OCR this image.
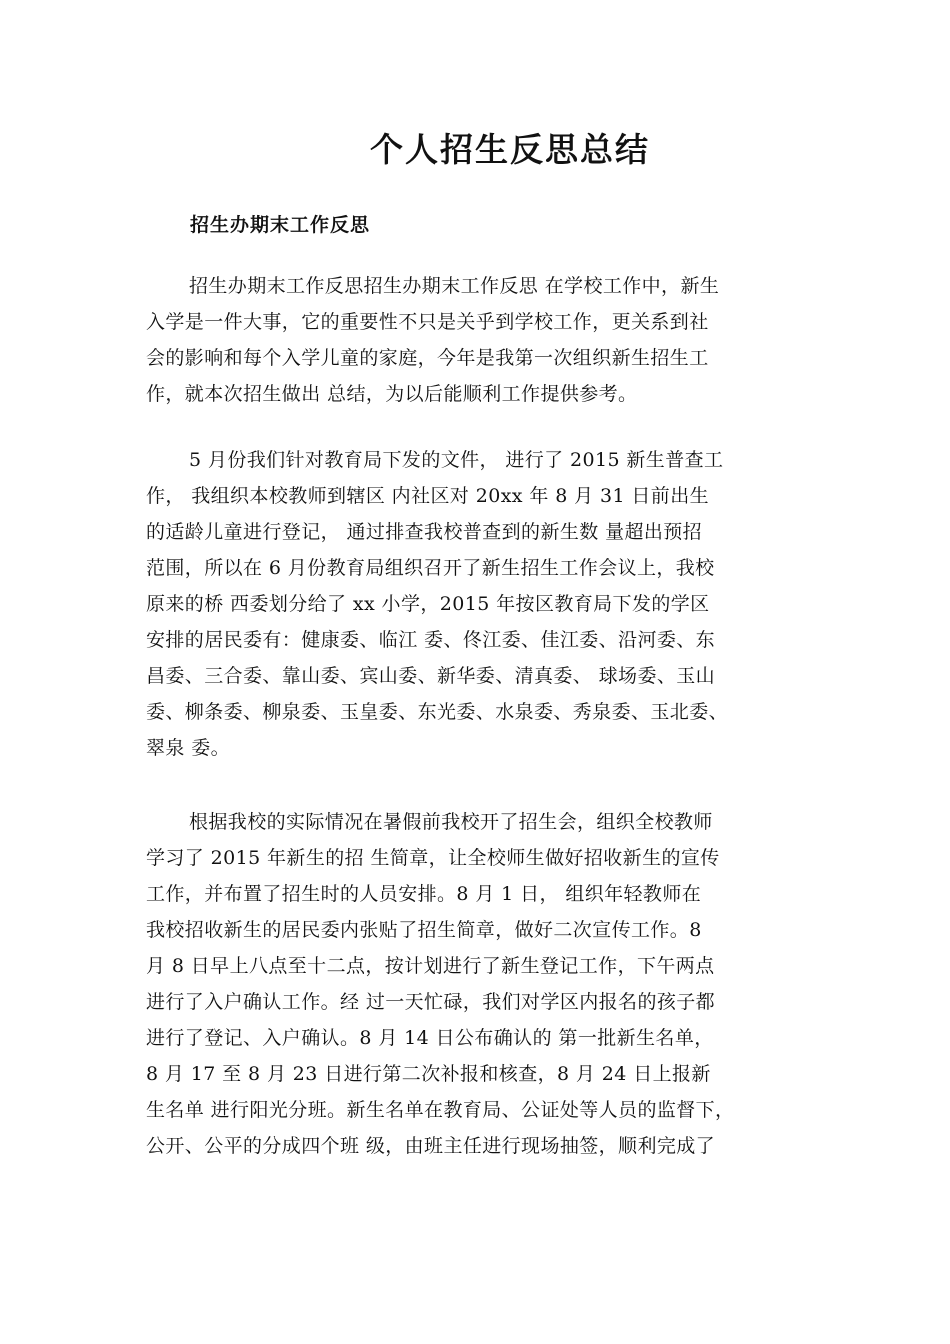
个人招生反思总结
招生办期末工作反思
招生办期末工作反思招生办期末工作反思 在学校工作中，新生
入学是一件大事，它的重要性不只是关乎到学校工作，更关系到社
会的影响和每个入学儿童的家庭，今年是我第一次组织新生招生工
作，就本次招生做出 总结，为以后能顺利工作提供参考。
5 月份我们针对教育局下发的文件， 进行了 2015 新生普查工
作， 我组织本校教师到辖区 内社区对 20xx 年 8 月 31 日前出生
的适龄儿童进行登记， 通过排查我校普查到的新生数 量超出预招
范围，所以在 6 月份教育局组织召开了新生招生工作会议上，我校
原来的桥 西委划分给了 xx 小学，2015 年按区教育局下发的学区
安排的居民委有：健康委、临江 委、佟江委、佳江委、沿河委、东
昌委、三合委、靠山委、宾山委、新华委、清真委、 球场委、玉山
委、柳条委、柳泉委、玉皇委、东光委、水泉委、秀泉委、玉北委、
翠泉 委。
根据我校的实际情况在暑假前我校开了招生会，组织全校教师
学习了 2015 年新生的招 生简章，让全校师生做好招收新生的宣传
工作，并布置了招生时的人员安排。8 月 1 日， 组织年轻教师在
我校招收新生的居民委内张贴了招生简章，做好二次宣传工作。8
月 8 日早上八点至十二点，按计划进行了新生登记工作，下午两点
进行了入户确认工作。经 过一天忙碌，我们对学区内报名的孩子都
进行了登记、入户确认。8 月 14 日公布确认的 第一批新生名单，
8 月 17 至 8 月 23 日进行第二次补报和核查，8 月 24 日上报新
生名单 进行阳光分班。新生名单在教育局、公证处等人员的监督下，
公开、公平的分成四个班 级，由班主任进行现场抽签，顺利完成了
